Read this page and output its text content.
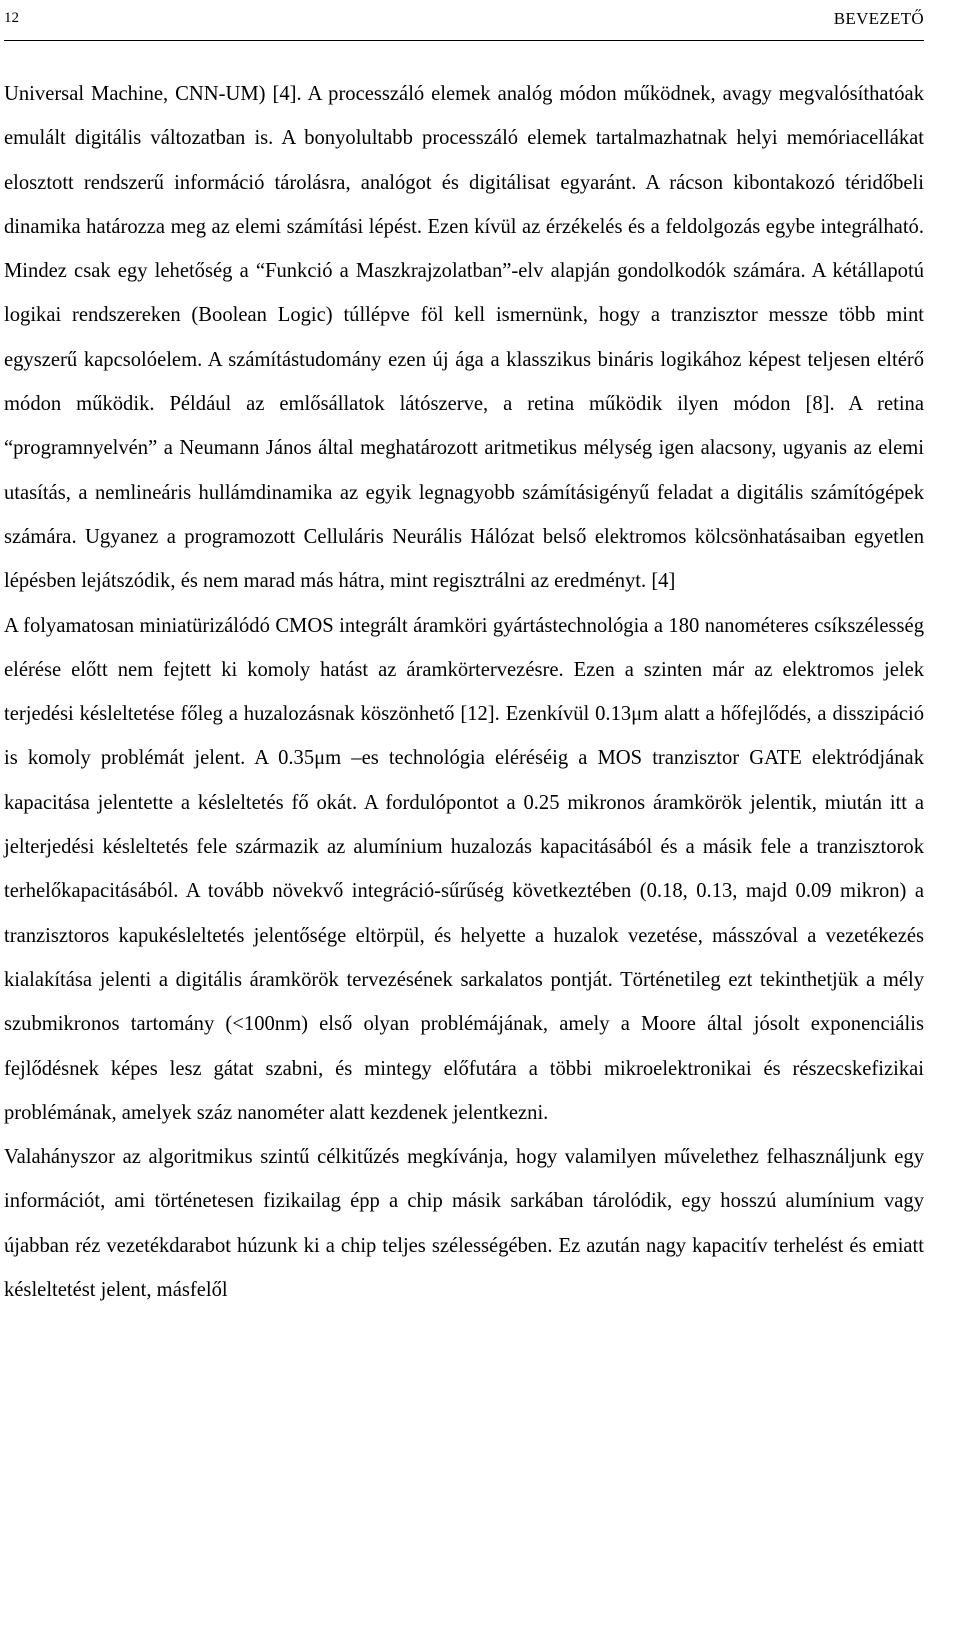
12	BEVEZETŐ

Universal Machine, CNN-UM) [4]. A processzáló elemek analóg módon működnek, avagy megvalósíthatóak emulált digitális változatban is. A bonyolultabb processzáló elemek tartalmazhatnak helyi memóriacellákat elosztott rendszerű információ tárolásra, analógot és digitálisat egyaránt. A rácson kibontakozó téridőbeli dinamika határozza meg az elemi számítási lépést. Ezen kívül az érzékelés és a feldolgozás egybe integrálható. Mindez csak egy lehetőség a “Funkció a Maszkrajzolatban”-elv alapján gondolkodók számára. A kétállapotú logikai rendszereken (Boolean Logic) túllépve föl kell ismernünk, hogy a tranzisztor messze több mint egyszerű kapcsolóelem. A számítástudomány ezen új ága a klasszikus bináris logikához képest teljesen eltérő módon működik. Például az emlősállatok látószerve, a retina működik ilyen módon [8]. A retina “programnyelvén” a Neumann János által meghatározott aritmetikus mélység igen alacsony, ugyanis az elemi utasítás, a nemlineáris hullámdinamika az egyik legnagyobb számításigényű feladat a digitális számítógépek számára. Ugyanez a programozott Celluláris Neurális Hálózat belső elektromos kölcsönhatásaiban egyetlen lépésben lejátszódik, és nem marad más hátra, mint regisztrálni az eredményt. [4]

A folyamatosan miniatürizálódó CMOS integrált áramköri gyártástechnológia a 180 nanométeres csíkszélesség elérése előtt nem fejtett ki komoly hatást az áramkörtervezésre. Ezen a szinten már az elektromos jelek terjedési késleltetése főleg a huzalozásnak köszönhető [12]. Ezenkívül 0.13μm alatt a hőfejlődés, a disszipáció is komoly problémát jelent. A 0.35μm –es technológia eléréséig a MOS tranzisztor GATE elektródjának kapacitása jelentette a késleltetés fő okát. A fordulópontot a 0.25 mikronos áramkörök jelentik, miután itt a jelterjedési késleltetés fele származik az alumínium huzalozás kapacitásából és a másik fele a tranzisztorok terhelőkapacitásából. A tovább növekvő integráció-sűrűség következtében (0.18, 0.13, majd 0.09 mikron) a tranzisztoros kapukésleltetés jelentősége eltörpül, és helyette a huzalok vezetése, másszóval a vezetékezés kialakítása jelenti a digitális áramkörök tervezésének sarkalatos pontját. Történetileg ezt tekinthetjük a mély szubmikronos tartomány (<100nm) első olyan problémájának, amely a Moore által jósolt exponenciális fejlődésnek képes lesz gátat szabni, és mintegy előfutára a többi mikroelektronikai és részecskefizikai problémának, amelyek száz nanométer alatt kezdenek jelentkezni.

Valahányszor az algoritmikus szintű célkitűzés megkívánja, hogy valamilyen művelethez felhasználjunk egy információt, ami történetesen fizikailag épp a chip másik sarkában tárolódik, egy hosszú alumínium vagy újabban réz vezetékdarabot húzunk ki a chip teljes szélességében. Ez azután nagy kapacitív terhelést és emiatt késleltetést jelent, másfelől
